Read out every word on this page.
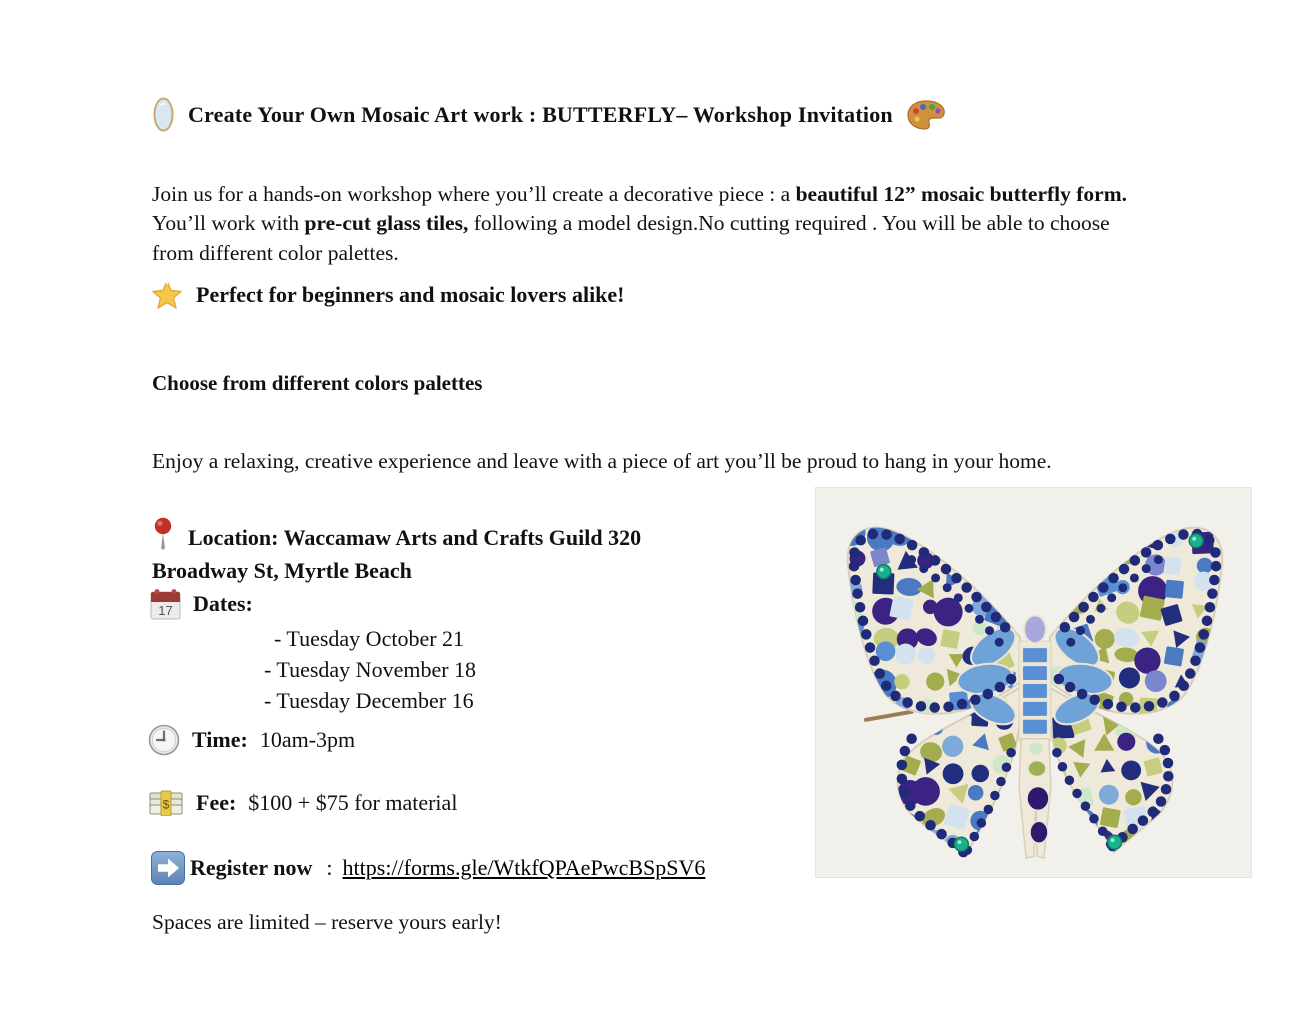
Create Your Own Mosaic Art work : BUTTERFLY– Workshop Invitation

Join us for a hands-on workshop where you’ll create a decorative piece : a beautiful 12” mosaic butterfly form. You’ll work with pre-cut glass tiles, following a model design.No cutting required . You will be able to choose from different color palettes.

Perfect for beginners and mosaic lovers alike!
Choose from different colors palettes

Enjoy a relaxing, creative experience and leave with a piece of art you’ll be proud to hang in your home.

Location: Waccamaw Arts and Crafts Guild 320
Broadway St, Myrtle Beach
17 Dates:
- Tuesday October 21
- Tuesday November 18
- Tuesday December 16
Time: 10am-3pm
$ Fee: $100 + $75 for material
Register now : https://forms.gle/WtkfQPAePwcBSpSV6
Spaces are limited – reserve yours early!
